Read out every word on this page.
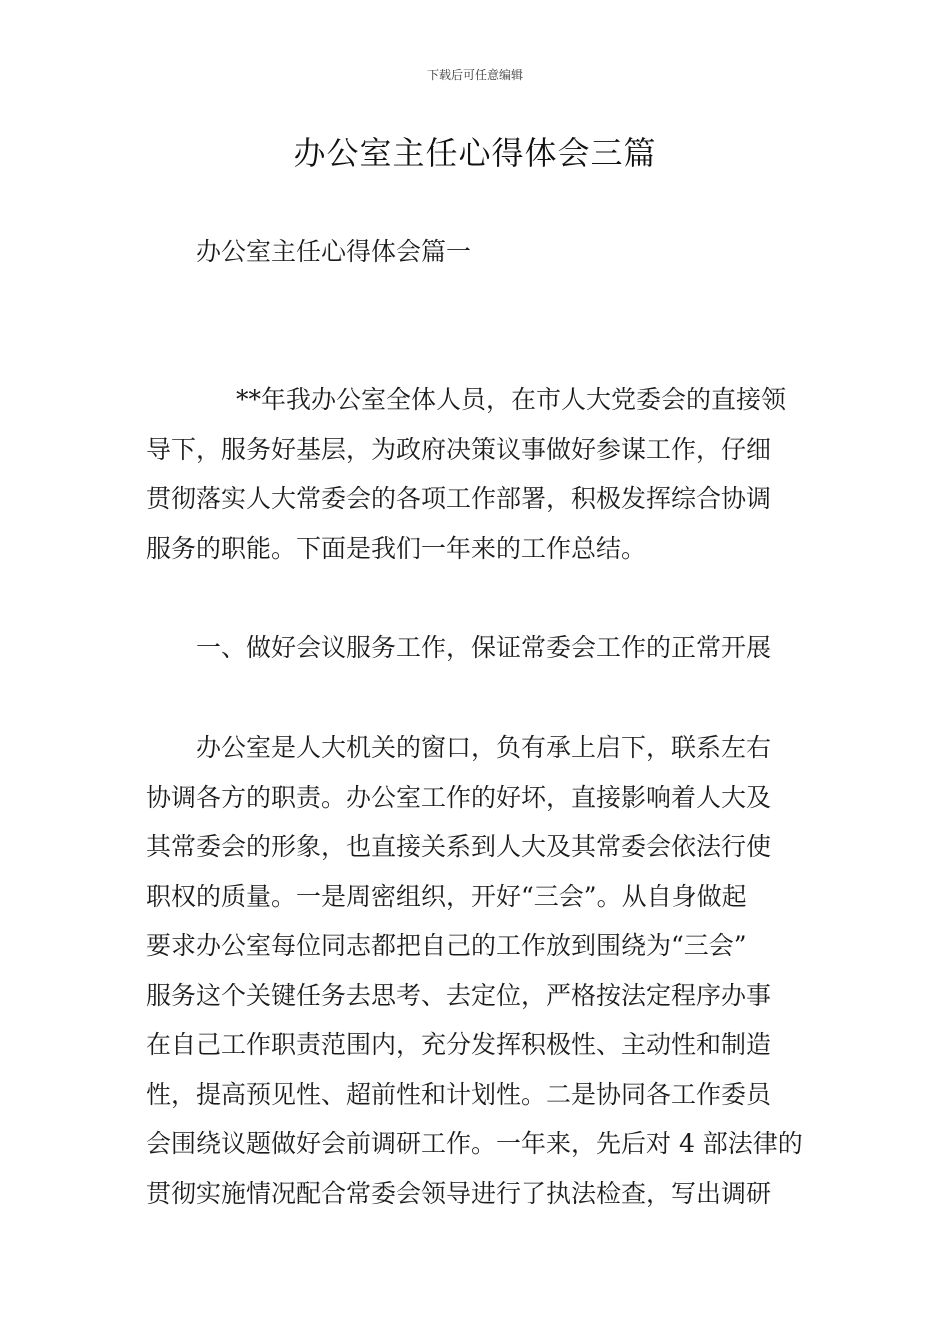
下载后可任意编辑
办公室主任心得体会三篇
办公室主任心得体会篇一
**年我办公室全体人员，在市人大党委会的直接领
导下，服务好基层，为政府决策议事做好参谋工作，仔细
贯彻落实人大常委会的各项工作部署，积极发挥综合协调
服务的职能。下面是我们一年来的工作总结。
一、做好会议服务工作，保证常委会工作的正常开展
办公室是人大机关的窗口，负有承上启下，联系左右
协调各方的职责。办公室工作的好坏，直接影响着人大及
其常委会的形象，也直接关系到人大及其常委会依法行使
职权的质量。一是周密组织，开好“三会”。从自身做起
要求办公室每位同志都把自己的工作放到围绕为“三会”
服务这个关键任务去思考、去定位，严格按法定程序办事
在自己工作职责范围内，充分发挥积极性、主动性和制造
性，提高预见性、超前性和计划性。二是协同各工作委员
会围绕议题做好会前调研工作。一年来，先后对 4 部法律的
贯彻实施情况配合常委会领导进行了执法检查，写出调研
